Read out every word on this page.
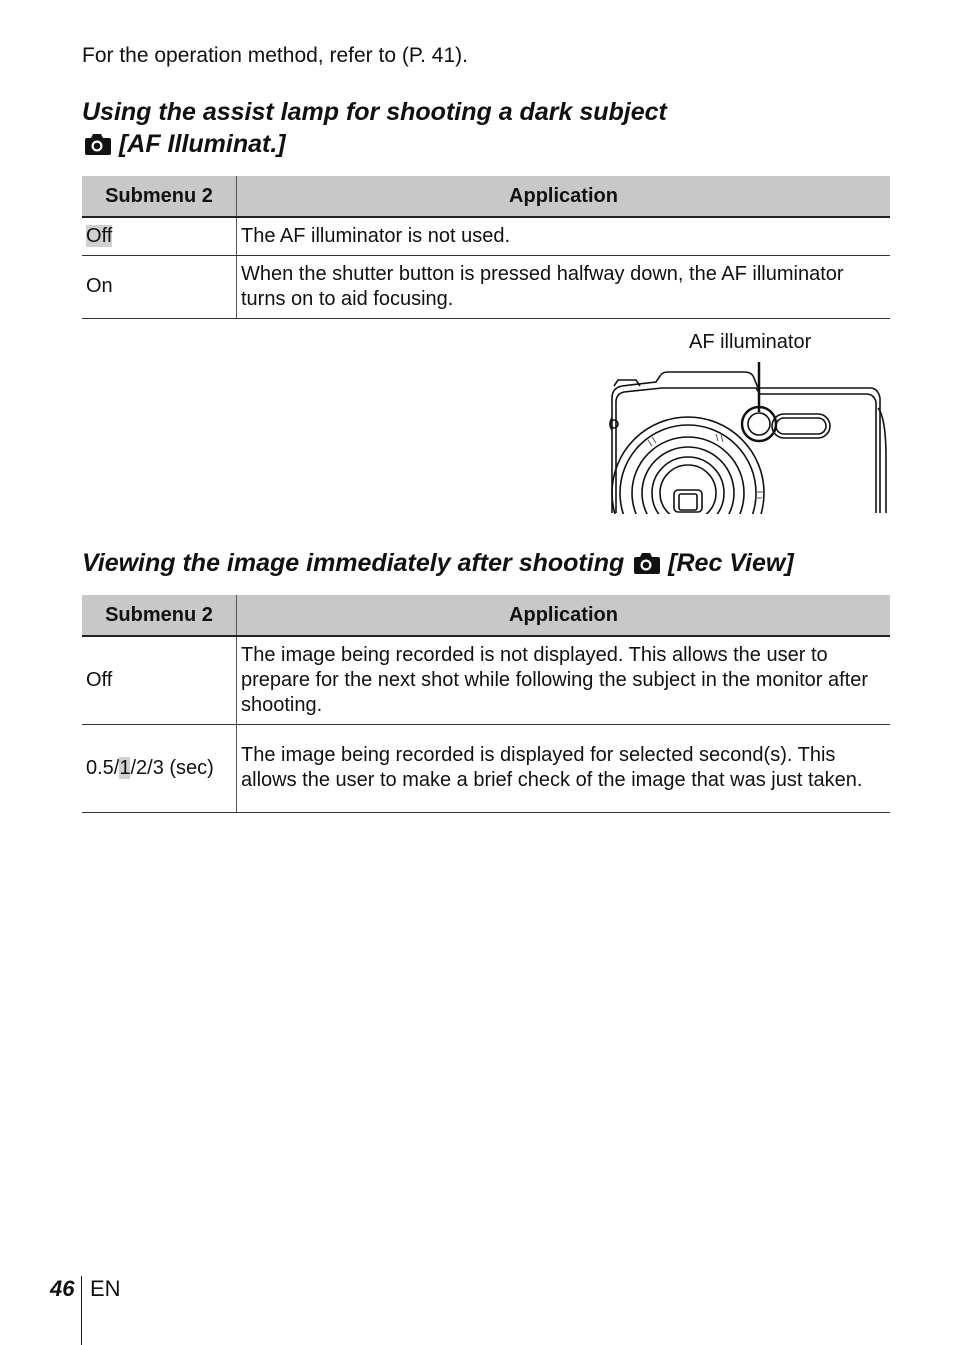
For the operation method, refer to (P. 41).
Using the assist lamp for shooting a dark subject
[AF Illuminat.]
Submenu 2	Application
Off	The AF illuminator is not used.
On	When the shutter button is pressed halfway down, the AF illuminator turns on to aid focusing.
AF illuminator
Viewing the image immediately after shooting [Rec View]
Submenu 2	Application
Off	The image being recorded is not displayed. This allows the user to prepare for the next shot while following the subject in the monitor after shooting.
0.5/1/2/3 (sec)	The image being recorded is displayed for selected second(s). This allows the user to make a brief check of the image that was just taken.
46 EN
